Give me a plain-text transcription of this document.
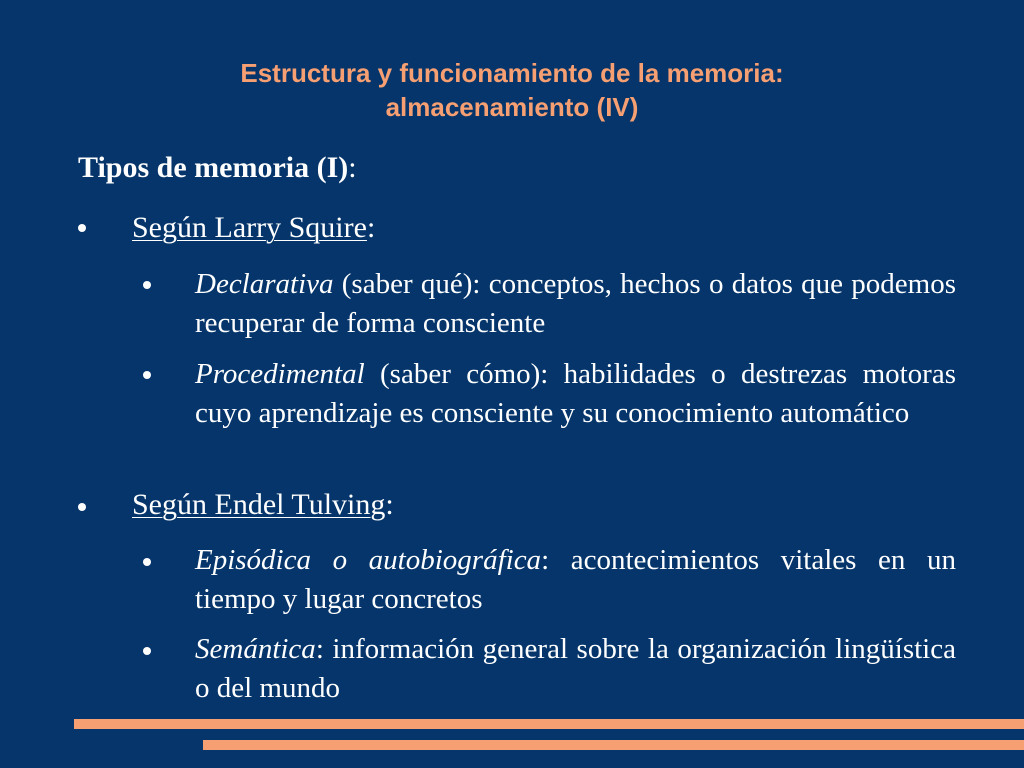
Estructura y funcionamiento de la memoria:
almacenamiento (IV)
Tipos de memoria (I):
Según Larry Squire:
Declarativa (saber qué): conceptos, hechos o datos que podemos recuperar de forma consciente
Procedimental (saber cómo): habilidades o destrezas motoras cuyo aprendizaje es consciente y su conocimiento automático
Según Endel Tulving:
Episódica o autobiográfica: acontecimientos vitales en un tiempo y lugar concretos
Semántica: información general sobre la organización lingüística o del mundo
